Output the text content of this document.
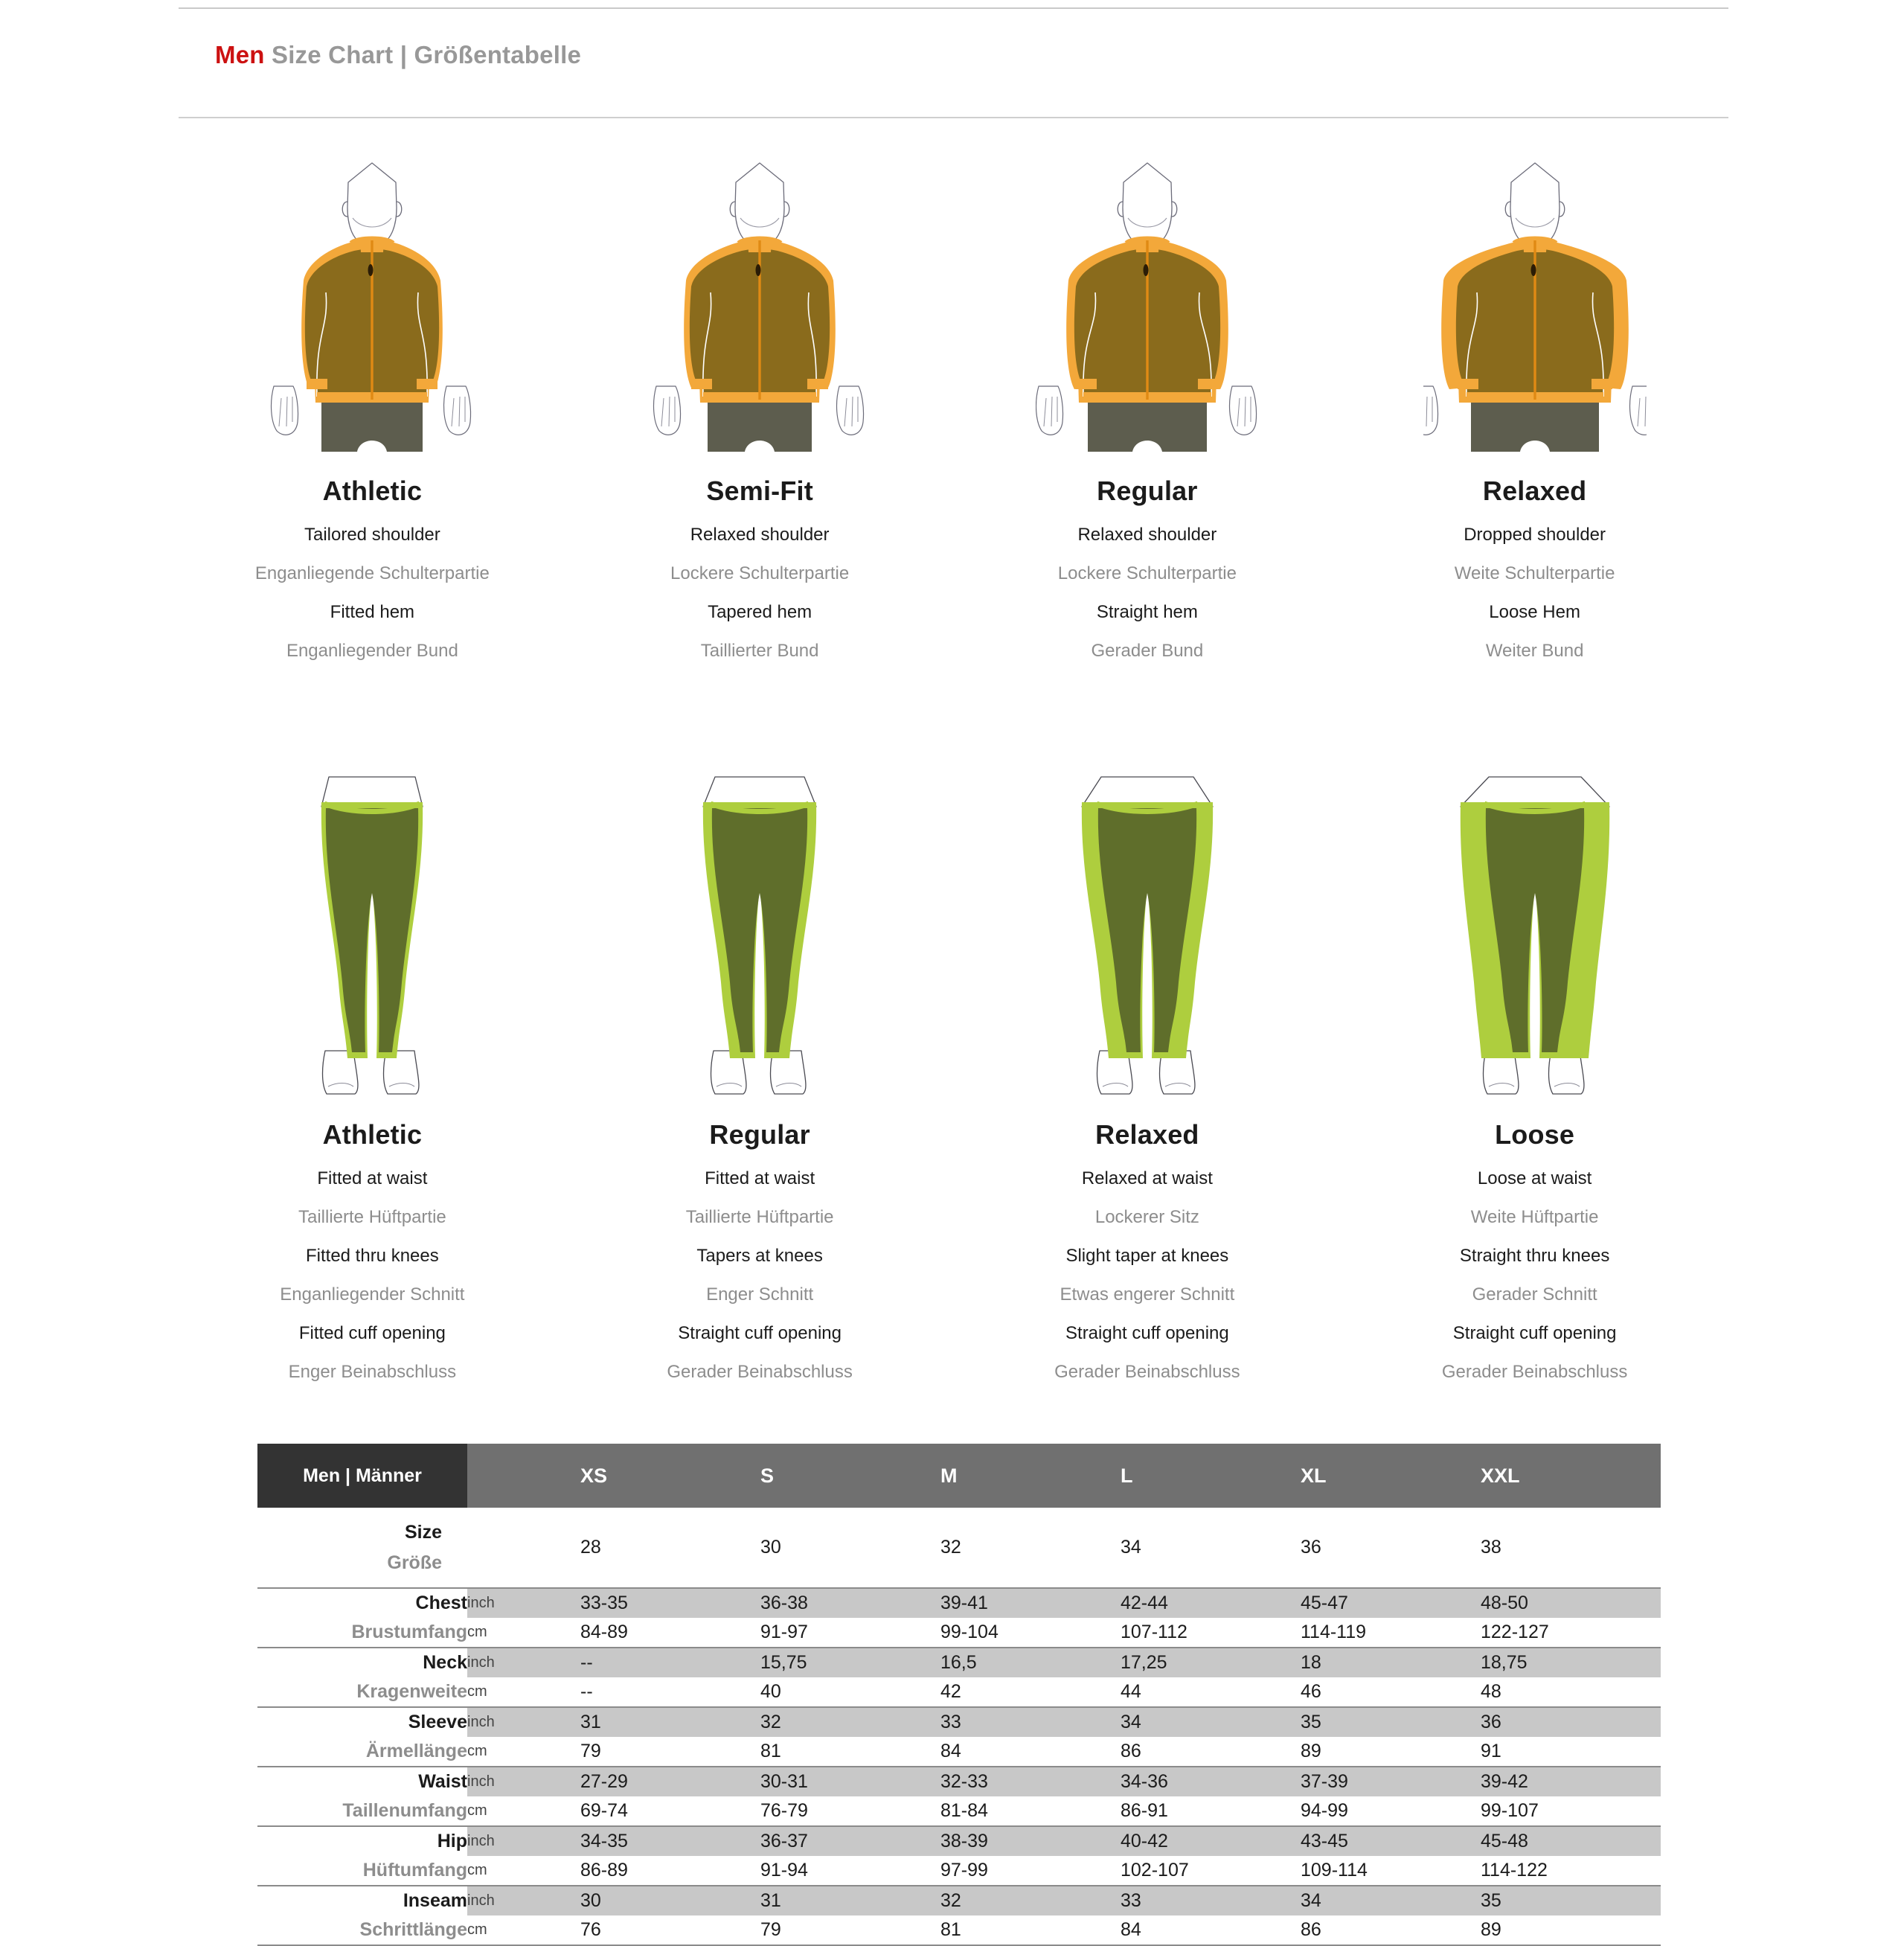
Men Size Chart | Größentabelle
Athletic
Tailored shoulder
Enganliegende Schulterpartie
Fitted hem
Enganliegender Bund
Semi-Fit
Relaxed shoulder
Lockere Schulterpartie
Tapered hem
Taillierter Bund
Regular
Relaxed shoulder
Lockere Schulterpartie
Straight hem
Gerader Bund
Relaxed
Dropped shoulder
Weite Schulterpartie
Loose Hem
Weiter Bund
Athletic
Fitted at waist
Taillierte Hüftpartie
Fitted thru knees
Enganliegender Schnitt
Fitted cuff opening
Enger Beinabschluss
Regular
Fitted at waist
Taillierte Hüftpartie
Tapers at knees
Enger Schnitt
Straight cuff opening
Gerader Beinabschluss
Relaxed
Relaxed at waist
Lockerer Sitz
Slight taper at knees
Etwas engerer Schnitt
Straight cuff opening
Gerader Beinabschluss
Loose
Loose at waist
Weite Hüftpartie
Straight thru knees
Gerader Schnitt
Straight cuff opening
Gerader Beinabschluss
Men | Männer		XS	S	M	L	XL	XXL

Size
Größe		28	30	32	34	36	38
Chest	inch	33-35	36-38	39-41	42-44	45-47	48-50
Brustumfang	cm	84-89	91-97	99-104	107-112	114-119	122-127
Neck	inch	--	15,75	16,5	17,25	18	18,75
Kragenweite	cm	--	40	42	44	46	48
Sleeve	inch	31	32	33	34	35	36
Ärmellänge	cm	79	81	84	86	89	91
Waist	inch	27-29	30-31	32-33	34-36	37-39	39-42
Taillenumfang	cm	69-74	76-79	81-84	86-91	94-99	99-107
Hip	inch	34-35	36-37	38-39	40-42	43-45	45-48
Hüftumfang	cm	86-89	91-94	97-99	102-107	109-114	114-122
Inseam	inch	30	31	32	33	34	35
Schrittlänge	cm	76	79	81	84	86	89
